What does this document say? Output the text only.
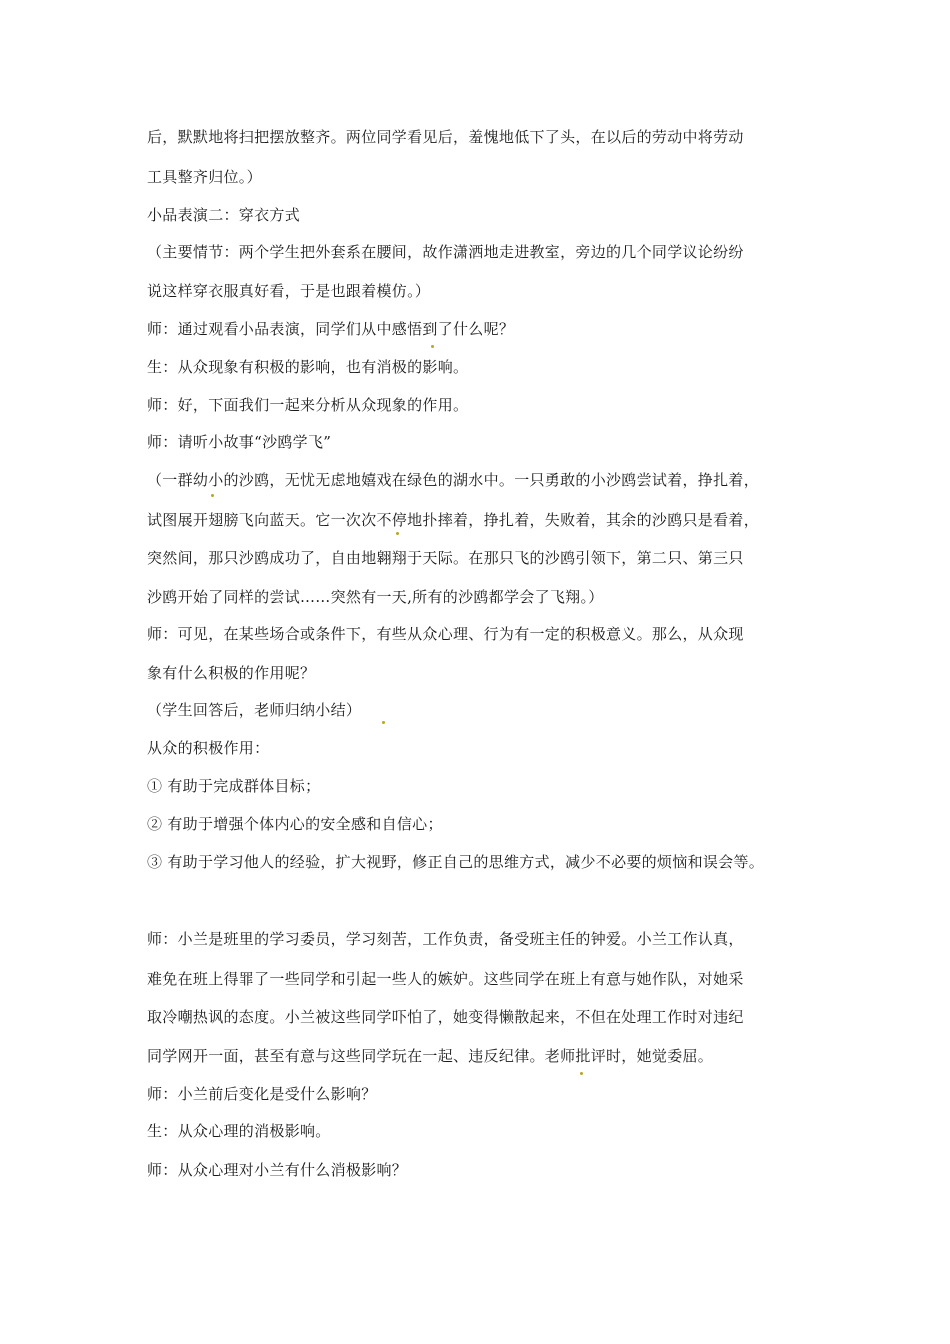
后，默默地将扫把摆放整齐。两位同学看见后，羞愧地低下了头，在以后的劳动中将劳动
工具整齐归位。）
小品表演二：穿衣方式
（主要情节：两个学生把外套系在腰间，故作潇洒地走进教室，旁边的几个同学议论纷纷
说这样穿衣服真好看，于是也跟着模仿。）
师：通过观看小品表演，同学们从中感悟到了什么呢？
生：从众现象有积极的影响，也有消极的影响。
师：好，下面我们一起来分析从众现象的作用。
师：请听小故事“沙鸥学飞”
（一群幼小的沙鸥，无忧无虑地嬉戏在绿色的湖水中。一只勇敢的小沙鸥尝试着，挣扎着，
试图展开翅膀飞向蓝天。它一次次不停地扑摔着，挣扎着，失败着，其余的沙鸥只是看着，
突然间，那只沙鸥成功了，自由地翱翔于天际。在那只飞的沙鸥引领下，第二只、第三只
沙鸥开始了同样的尝试……突然有一天,所有的沙鸥都学会了飞翔。）
师：可见，在某些场合或条件下，有些从众心理、行为有一定的积极意义。那么，从众现
象有什么积极的作用呢？
（学生回答后，老师归纳小结）
从众的积极作用：
① 有助于完成群体目标；
② 有助于增强个体内心的安全感和自信心；
③ 有助于学习他人的经验，扩大视野，修正自己的思维方式，减少不必要的烦恼和误会等。
师：小兰是班里的学习委员，学习刻苦，工作负责，备受班主任的钟爱。小兰工作认真，
难免在班上得罪了一些同学和引起一些人的嫉妒。这些同学在班上有意与她作队，对她采
取冷嘲热讽的态度。小兰被这些同学吓怕了，她变得懒散起来，不但在处理工作时对违纪
同学网开一面，甚至有意与这些同学玩在一起、违反纪律。老师批评时，她觉委屈。
师：小兰前后变化是受什么影响？
生：从众心理的消极影响。
师：从众心理对小兰有什么消极影响？
